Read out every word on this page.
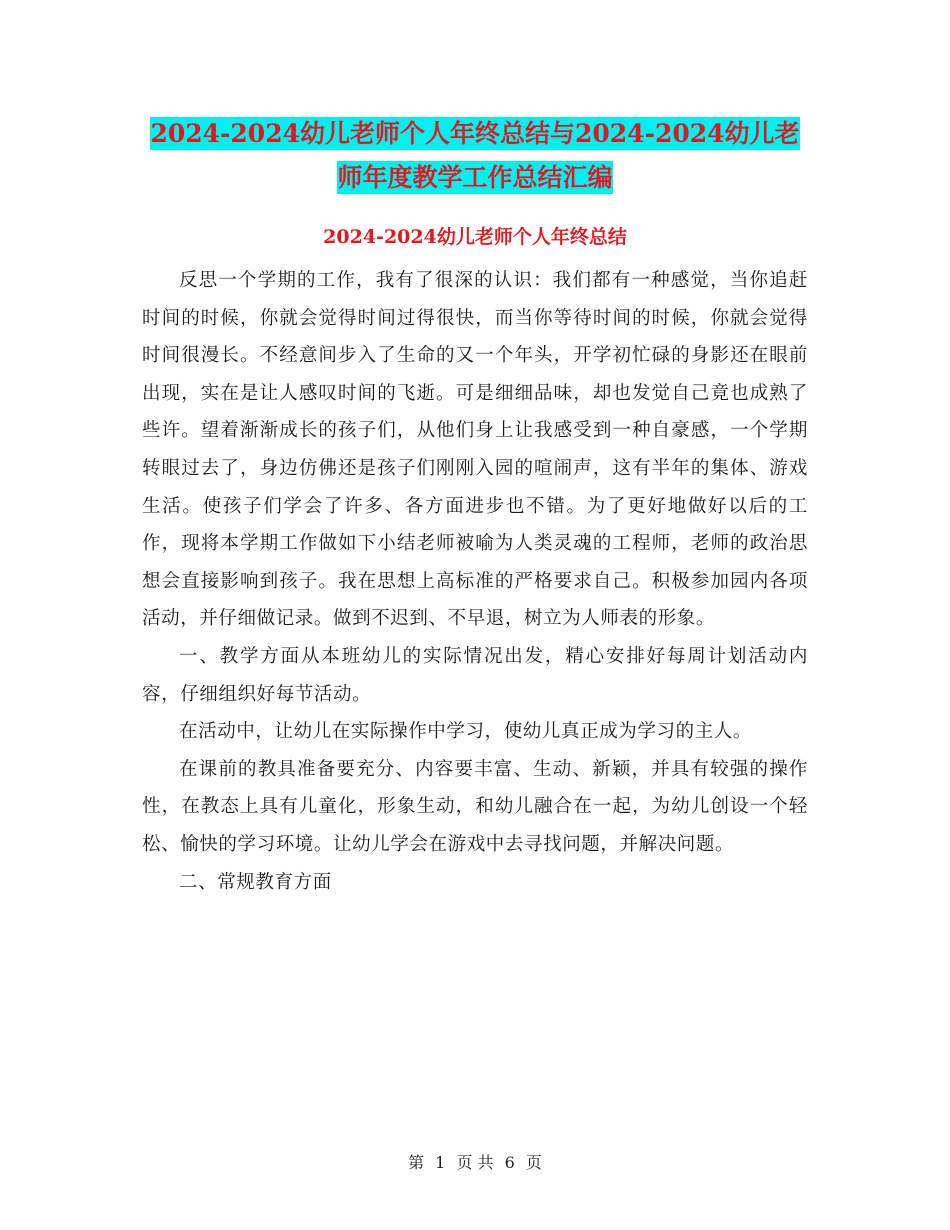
2024-2024幼儿老师个人年终总结与2024-2024幼儿老
师年度教学工作总结汇编
2024-2024幼儿老师个人年终总结

反思一个学期的工作，我有了很深的认识：我们都有一种感觉，当你追赶时间的时候，你就会觉得时间过得很快，而当你等待时间的时候，你就会觉得时间很漫长。不经意间步入了生命的又一个年头，开学初忙碌的身影还在眼前出现，实在是让人感叹时间的飞逝。可是细细品味，却也发觉自己竟也成熟了些许。望着渐渐成长的孩子们，从他们身上让我感受到一种自豪感，一个学期转眼过去了，身边仿佛还是孩子们刚刚入园的喧闹声，这有半年的集体、游戏生活。使孩子们学会了许多、各方面进步也不错。为了更好地做好以后的工作，现将本学期工作做如下小结老师被喻为人类灵魂的工程师，老师的政治思想会直接影响到孩子。我在思想上高标准的严格要求自己。积极参加园内各项活动，并仔细做记录。做到不迟到、不早退，树立为人师表的形象。

一、教学方面从本班幼儿的实际情况出发，精心安排好每周计划活动内容，仔细组织好每节活动。

在活动中，让幼儿在实际操作中学习，使幼儿真正成为学习的主人。

在课前的教具准备要充分、内容要丰富、生动、新颖，并具有较强的操作性，在教态上具有儿童化，形象生动，和幼儿融合在一起，为幼儿创设一个轻松、愉快的学习环境。让幼儿学会在游戏中去寻找问题，并解决问题。

二、常规教育方面

第 1 页 共 6 页
